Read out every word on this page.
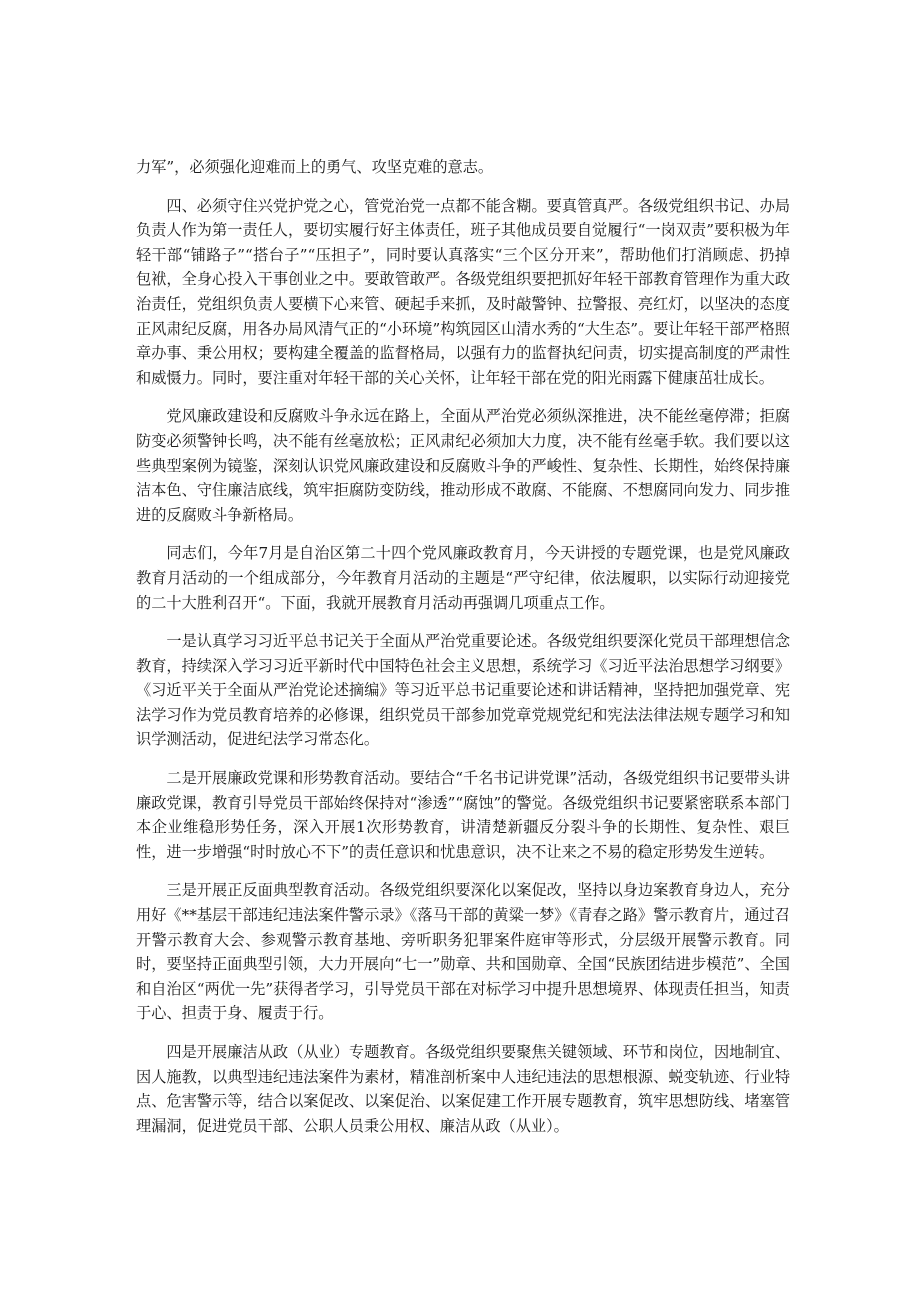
力军”，必须强化迎难而上的勇气、攻坚克难的意志。

四、必须守住兴党护党之心，管党治党一点都不能含糊。要真管真严。各级党组织书记、办局负责人作为第一责任人，要切实履行好主体责任，班子其他成员要自觉履行“一岗双责”要积极为年轻干部“铺路子”“搭台子”“压担子”，同时要认真落实“三个区分开来”，帮助他们打消顾虑、扔掉包袱，全身心投入干事创业之中。要敢管敢严。各级党组织要把抓好年轻干部教育管理作为重大政治责任，党组织负责人要横下心来管、硬起手来抓，及时敲警钟、拉警报、亮红灯，以坚决的态度正风肃纪反腐，用各办局风清气正的“小环境”构筑园区山清水秀的“大生态”。要让年轻干部严格照章办事、秉公用权；要构建全覆盖的监督格局，以强有力的监督执纪问责，切实提高制度的严肃性和威慑力。同时，要注重对年轻干部的关心关怀，让年轻干部在党的阳光雨露下健康茁壮成长。

党风廉政建设和反腐败斗争永远在路上，全面从严治党必须纵深推进，决不能丝毫停滞；拒腐防变必须警钟长鸣，决不能有丝毫放松；正风肃纪必须加大力度，决不能有丝毫手软。我们要以这些典型案例为镜鉴，深刻认识党风廉政建设和反腐败斗争的严峻性、复杂性、长期性，始终保持廉洁本色、守住廉洁底线，筑牢拒腐防变防线，推动形成不敢腐、不能腐、不想腐同向发力、同步推进的反腐败斗争新格局。

同志们，今年7月是自治区第二十四个党风廉政教育月，今天讲授的专题党课，也是党风廉政教育月活动的一个组成部分，今年教育月活动的主题是“严守纪律，依法履职，以实际行动迎接党的二十大胜利召开“。下面，我就开展教育月活动再强调几项重点工作。

一是认真学习习近平总书记关于全面从严治党重要论述。各级党组织要深化党员干部理想信念教育，持续深入学习习近平新时代中国特色社会主义思想，系统学习《习近平法治思想学习纲要》《习近平关于全面从严治党论述摘编》等习近平总书记重要论述和讲话精神，坚持把加强党章、宪法学习作为党员教育培养的必修课，组织党员干部参加党章党规党纪和宪法法律法规专题学习和知识学测活动，促进纪法学习常态化。

二是开展廉政党课和形势教育活动。要结合“千名书记讲党课”活动，各级党组织书记要带头讲廉政党课，教育引导党员干部始终保持对“渗透”“腐蚀”的警觉。各级党组织书记要紧密联系本部门本企业维稳形势任务，深入开展1次形势教育，讲清楚新疆反分裂斗争的长期性、复杂性、艰巨性，进一步增强“时时放心不下”的责任意识和忧患意识，决不让来之不易的稳定形势发生逆转。

三是开展正反面典型教育活动。各级党组织要深化以案促改，坚持以身边案教育身边人，充分用好《**基层干部违纪违法案件警示录》《落马干部的黄粱一梦》《青春之路》警示教育片，通过召开警示教育大会、参观警示教育基地、旁听职务犯罪案件庭审等形式，分层级开展警示教育。同时，要坚持正面典型引领，大力开展向“七一”勋章、共和国勋章、全国“民族团结进步模范”、全国和自治区“两优一先”获得者学习，引导党员干部在对标学习中提升思想境界、体现责任担当，知责于心、担责于身、履责于行。

四是开展廉洁从政（从业）专题教育。各级党组织要聚焦关键领域、环节和岗位，因地制宜、因人施教，以典型违纪违法案件为素材，精准剖析案中人违纪违法的思想根源、蜕变轨迹、行业特点、危害警示等，结合以案促改、以案促治、以案促建工作开展专题教育，筑牢思想防线、堵塞管理漏洞，促进党员干部、公职人员秉公用权、廉洁从政（从业）。
